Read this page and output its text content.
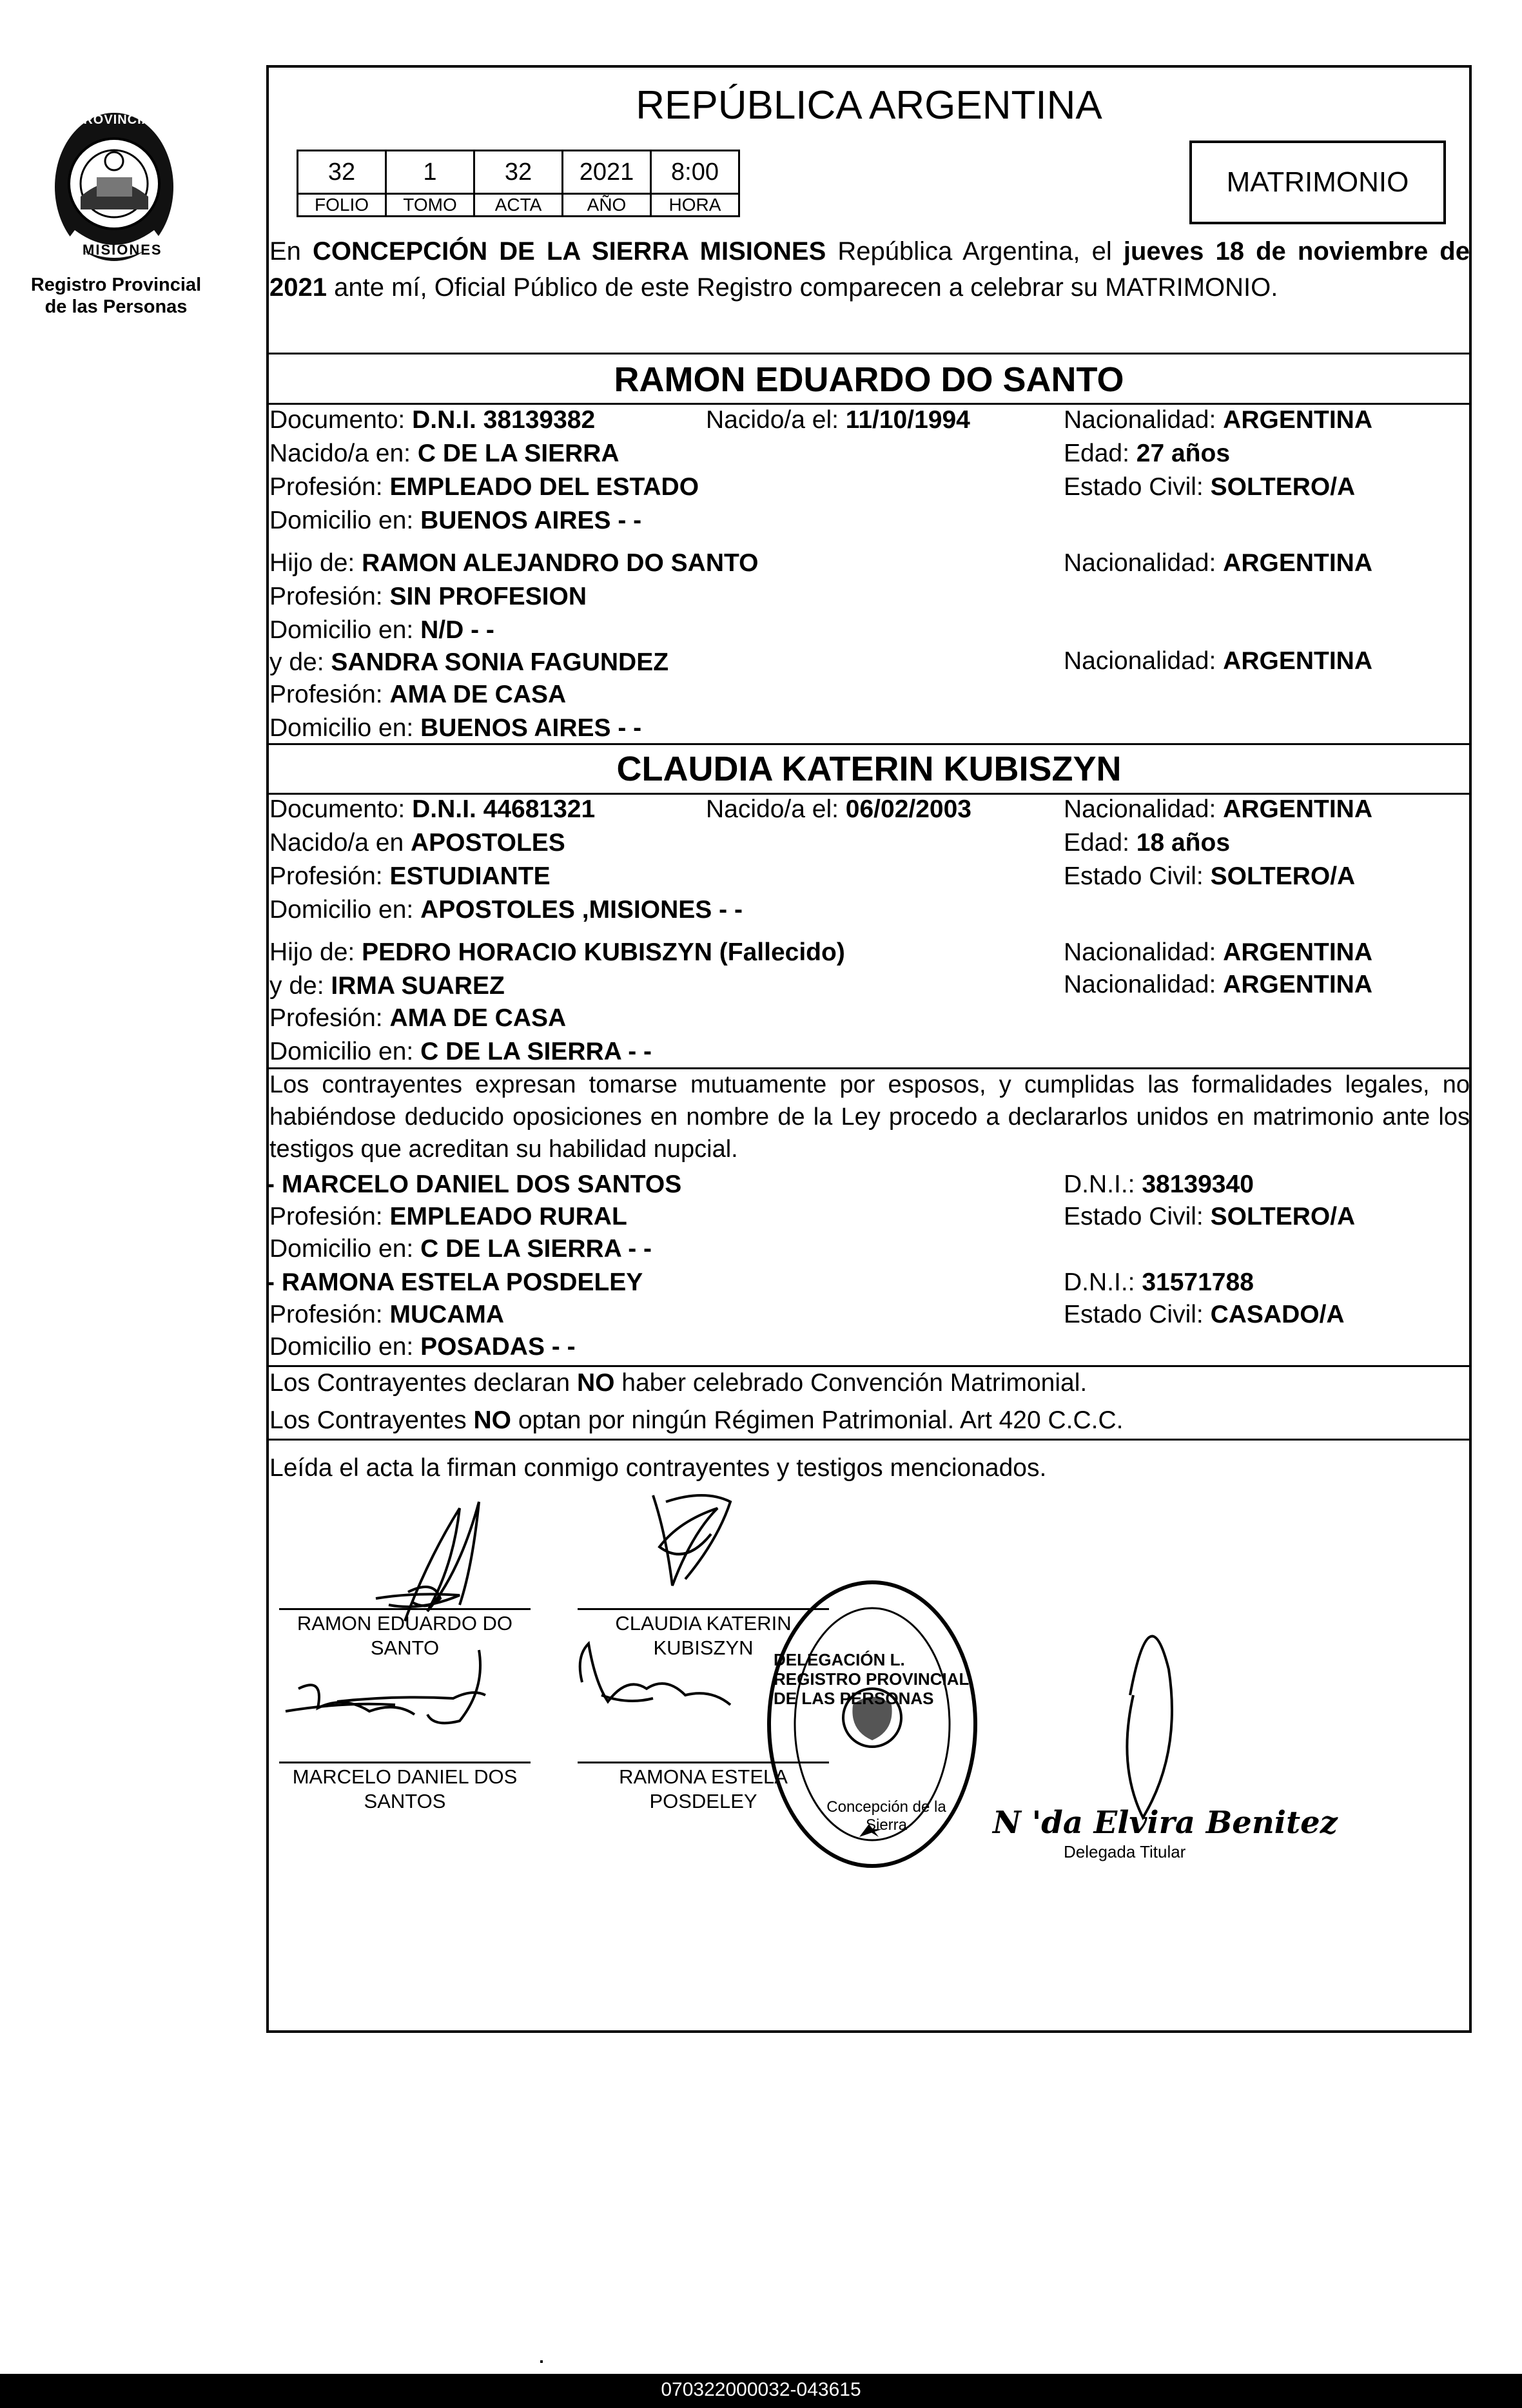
PROVINCIA DE
MISIONES
Registro Provincial
de las Personas
REPÚBLICA ARGENTINA
32	1	32	2021	8:00
FOLIO	TOMO	ACTA	AÑO	HORA
MATRIMONIO
En CONCEPCIÓN DE LA SIERRA MISIONES República Argentina, el jueves 18 de noviembre de 2021 ante mí, Oficial Público de este Registro comparecen a celebrar su MATRIMONIO.
RAMON EDUARDO DO SANTO
Documento: D.N.I. 38139382	Nacido/a el: 11/10/1994	Nacionalidad: ARGENTINA
Nacido/a en: C DE LA SIERRA	Edad: 27 años
Profesión: EMPLEADO DEL ESTADO	Estado Civil: SOLTERO/A
Domicilio en: BUENOS AIRES - -
Hijo de: RAMON ALEJANDRO DO SANTO	Nacionalidad: ARGENTINA
Profesión: SIN PROFESION
Domicilio en: N/D - -
y de: SANDRA SONIA FAGUNDEZ	Nacionalidad: ARGENTINA
Profesión: AMA DE CASA
Domicilio en: BUENOS AIRES - -
CLAUDIA KATERIN KUBISZYN
Documento: D.N.I. 44681321	Nacido/a el: 06/02/2003	Nacionalidad: ARGENTINA
Nacido/a en APOSTOLES	Edad: 18 años
Profesión: ESTUDIANTE	Estado Civil: SOLTERO/A
Domicilio en: APOSTOLES ,MISIONES - -
Hijo de: PEDRO HORACIO KUBISZYN (Fallecido)	Nacionalidad: ARGENTINA
y de: IRMA SUAREZ	Nacionalidad: ARGENTINA
Profesión: AMA DE CASA
Domicilio en: C DE LA SIERRA - -
Los contrayentes expresan tomarse mutuamente por esposos, y cumplidas las formalidades legales, no habiéndose deducido oposiciones en nombre de la Ley procedo a declararlos unidos en matrimonio ante los testigos que acreditan su habilidad nupcial.
- MARCELO DANIEL DOS SANTOS	D.N.I.: 38139340
Profesión: EMPLEADO RURAL	Estado Civil: SOLTERO/A
Domicilio en: C DE LA SIERRA - -
- RAMONA ESTELA POSDELEY	D.N.I.: 31571788
Profesión: MUCAMA	Estado Civil: CASADO/A
Domicilio en: POSADAS - -
Los Contrayentes declaran NO haber celebrado Convención Matrimonial.
Los Contrayentes NO optan por ningún Régimen Patrimonial. Art 420 C.C.C.
Leída el acta la firman conmigo contrayentes y testigos mencionados.
RAMON EDUARDO DO
SANTO
CLAUDIA KATERIN
KUBISZYN
MARCELO DANIEL DOS
SANTOS
RAMONA ESTELA
POSDELEY
DELEGACIÓN L. REGISTRO PROVINCIAL DE LAS PERSONAS
Concepción de la Sierra	N 'da Elvira Benitez
Delegada Titular
070322000032-043615
